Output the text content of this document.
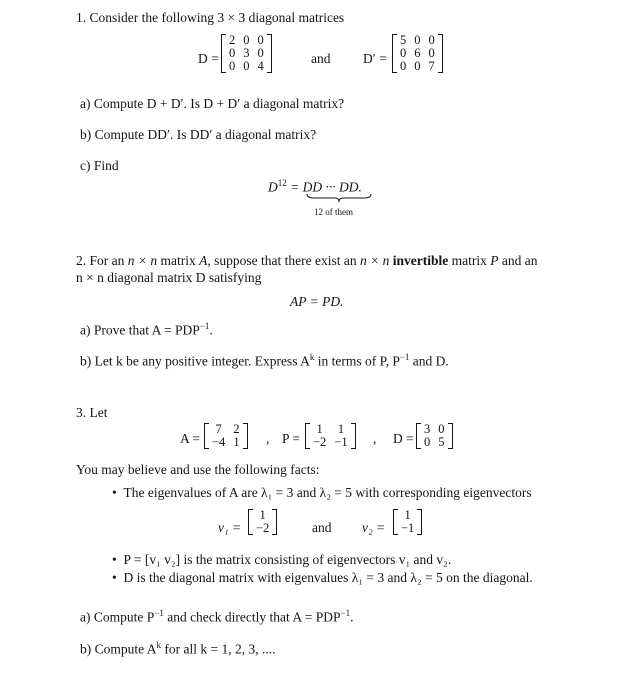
1. Consider the following 3 × 3 diagonal matrices
D =
2	0	0
0	3	0
0	0	4	and D′ =
5	0	0
0	6	0
0	0	7
a) Compute D + D′. Is D + D′ a diagonal matrix?
b) Compute DD′. Is DD′ a diagonal matrix?
c) Find
$D^{12}$ = DD ··· DD.
12 of them
2. For an n × n matrix A, suppose that there exist an n × n invertible matrix P and an
n × n diagonal matrix D satisfying
AP = PD.
a) Prove that $A = PDP^{-1}$.
b) Let k be any positive integer. Express $A^k$ in terms of P, $P^{-1}$ and D.
3. Let
A =
7	2
−4	1 , P =
1	1
−2	−1 , D =
3	0
0	5
You may believe and use the following facts:
•  The eigenvalues of A are λ₁ = 3 and λ₂ = 5 with corresponding eigenvectors
v₁ =
1
−2	and v₂ =
1
−1
•  P = [v₁ v₂] is the matrix consisting of eigenvectors v₁ and v₂.
•  D is the diagonal matrix with eigenvalues λ₁ = 3 and λ₂ = 5 on the diagonal.
a) Compute $P^{-1}$ and check directly that $A = PDP^{-1}$.
b) Compute $A^k$ for all k = 1, 2, 3, ....
